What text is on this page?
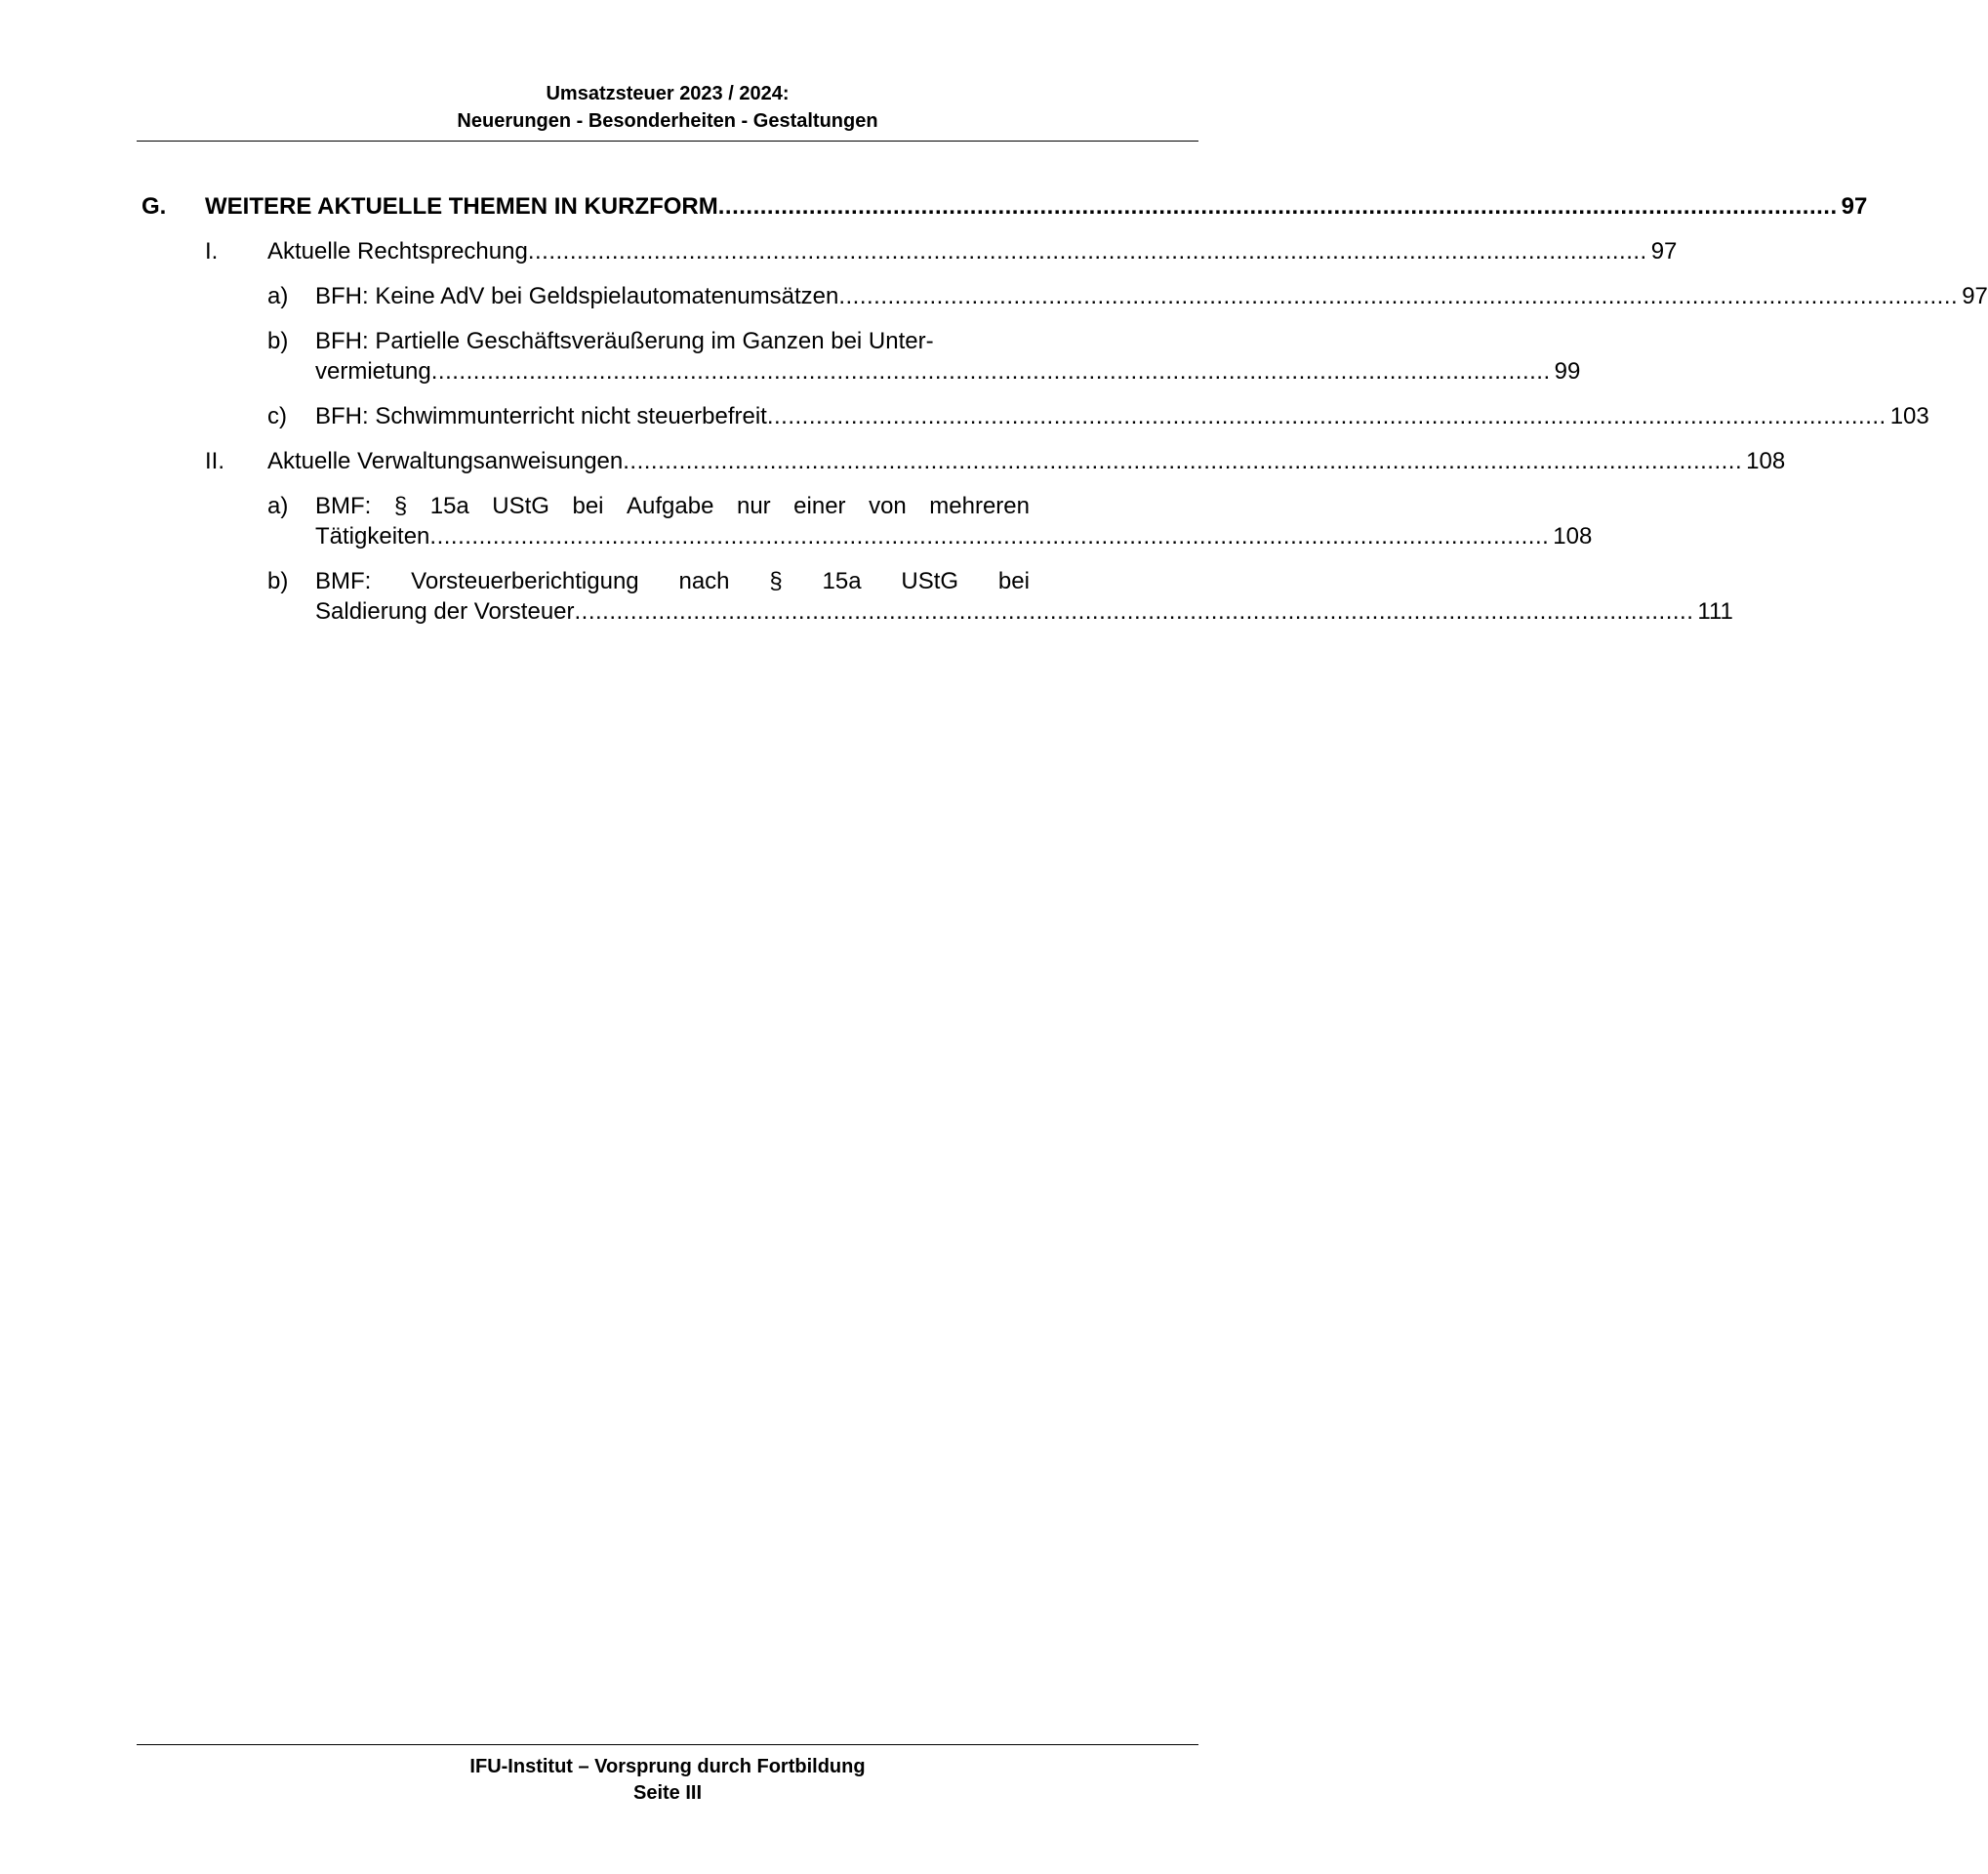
Umsatzsteuer 2023 / 2024:
Neuerungen - Besonderheiten - Gestaltungen
G. WEITERE AKTUELLE THEMEN IN KURZFORM ................................................................................................................................................................ 97
I. Aktuelle Rechtsprechung ................................................................................................................................................................ 97
a) BFH: Keine AdV bei Geldspielautomatenumsätzen ................................................................................................................................................................ 97
b) BFH: Partielle Geschäftsveräußerung im Ganzen bei Unter-
vermietung ................................................................................................................................................................ 99
c) BFH: Schwimmunterricht nicht steuerbefreit ................................................................................................................................................................ 103
II. Aktuelle Verwaltungsanweisungen ................................................................................................................................................................ 108
a) BMF: § 15a UStG bei Aufgabe nur einer von mehreren
Tätigkeiten ................................................................................................................................................................ 108
b) BMF: Vorsteuerberichtigung nach § 15a UStG bei
Saldierung der Vorsteuer ................................................................................................................................................................ 111
IFU-Institut – Vorsprung durch Fortbildung
Seite III
